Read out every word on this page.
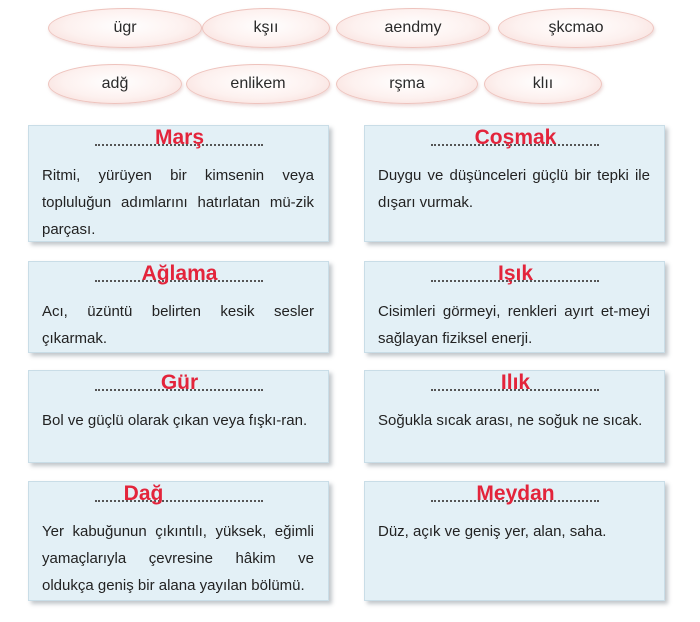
ügr	kşıı	aendmy	şkcmao
adğ	enlikem	rşma	klıı
Marş
Ritmi, yürüyen bir kimsenin veya topluluğun adımlarını hatırlatan mü-zik parçası.
Coşmak
Duygu ve düşünceleri güçlü bir tepki ile dışarı vurmak.
Ağlama
Acı, üzüntü belirten kesik sesler çıkarmak.
Işık
Cisimleri görmeyi, renkleri ayırt et-meyi sağlayan fiziksel enerji.
Gür
Bol ve güçlü olarak çıkan veya fışkı-ran.
Ilık
Soğukla sıcak arası, ne soğuk ne sıcak.
Dağ
Yer kabuğunun çıkıntılı, yüksek, eğimli yamaçlarıyla çevresine hâkim ve oldukça geniş bir alana yayılan bölümü.
Meydan
Düz, açık ve geniş yer, alan, saha.
